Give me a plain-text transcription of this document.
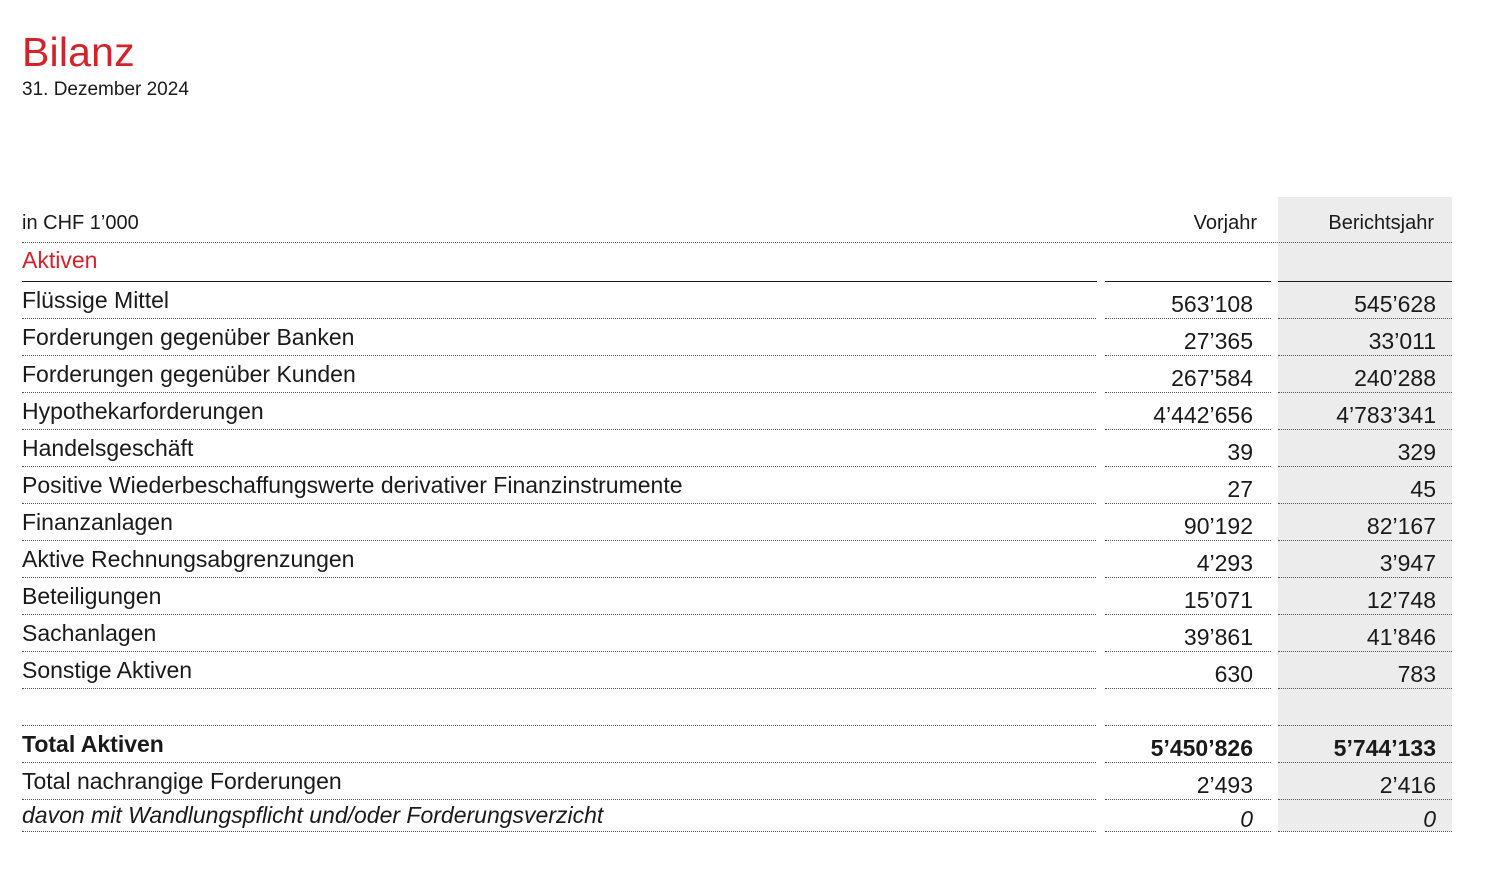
Bilanz
31. Dezember 2024
in CHF 1’000	Vorjahr	Berichtsjahr
Aktiven
Flüssige Mittel	563’108	545’628
Forderungen gegenüber Banken	27’365	33’011
Forderungen gegenüber Kunden	267’584	240’288
Hypothekarforderungen	4’442’656	4’783’341
Handelsgeschäft	39	329
Positive Wiederbeschaffungswerte derivativer Finanzinstrumente	27	45
Finanzanlagen	90’192	82’167
Aktive Rechnungsabgrenzungen	4’293	3’947
Beteiligungen	15’071	12’748
Sachanlagen	39’861	41’846
Sonstige Aktiven	630	783
Total Aktiven	5’450’826	5’744’133
Total nachrangige Forderungen	2’493	2’416
davon mit Wandlungspflicht und/oder Forderungsverzicht	0	0
